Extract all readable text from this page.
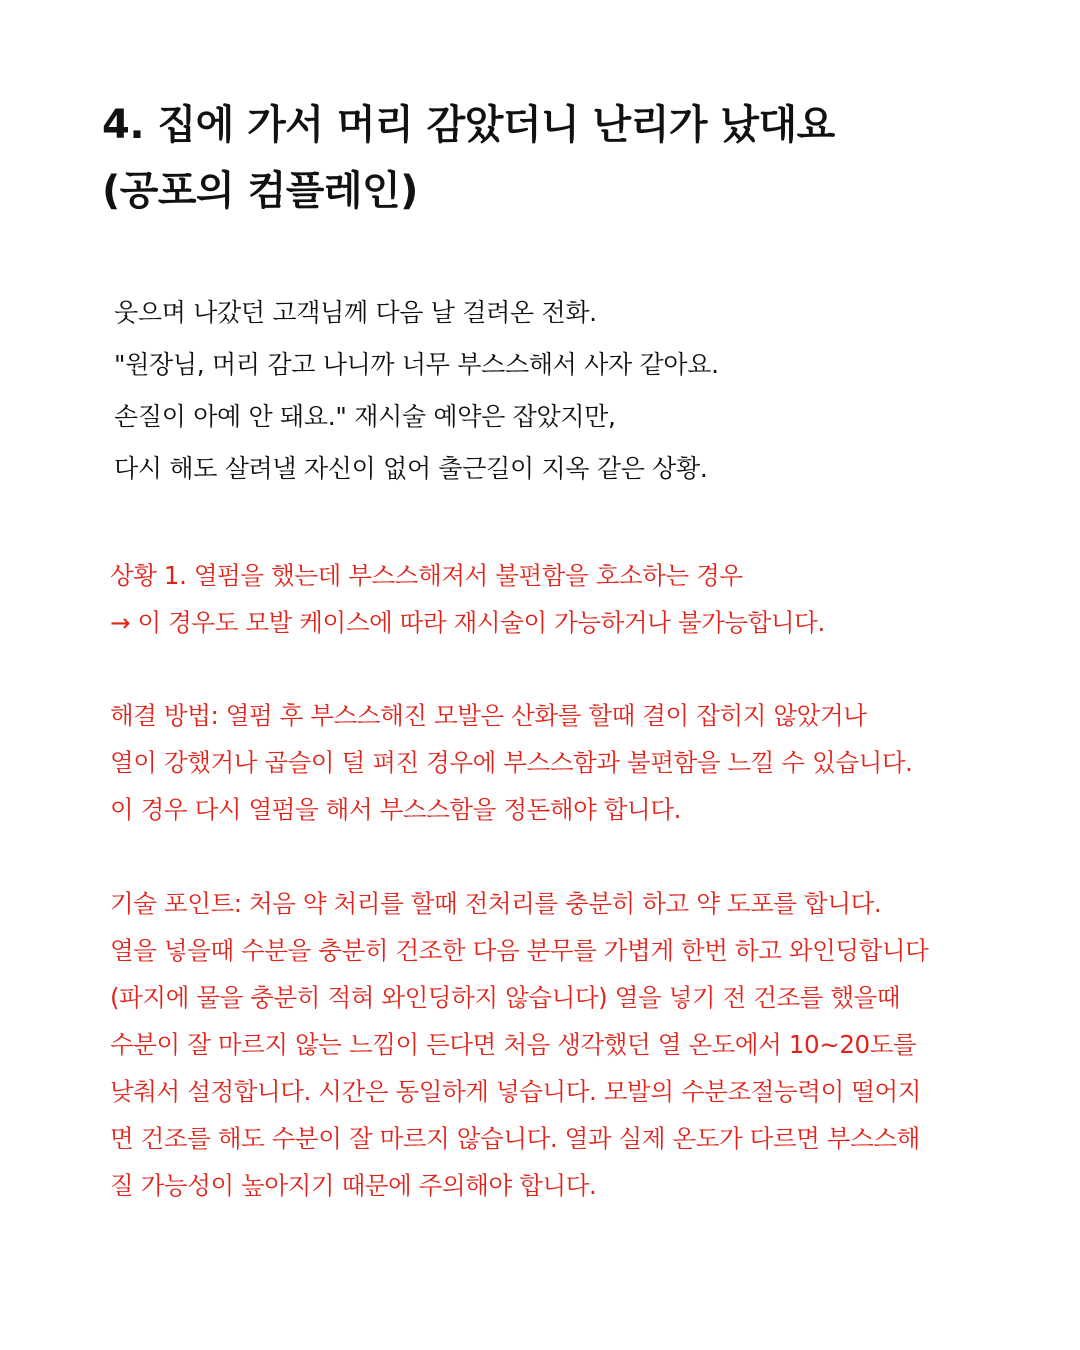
4. 집에 가서 머리 감았더니 난리가 났대요
(공포의 컴플레인)
웃으며 나갔던 고객님께 다음 날 걸려온 전화.
"원장님, 머리 감고 나니까 너무 부스스해서 사자 같아요.
손질이 아예 안 돼요." 재시술 예약은 잡았지만,
다시 해도 살려낼 자신이 없어 출근길이 지옥 같은 상황.
상황 1. 열펌을 했는데 부스스해져서 불편함을 호소하는 경우
→ 이 경우도 모발 케이스에 따라 재시술이 가능하거나 불가능합니다.
해결 방법: 열펌 후 부스스해진 모발은 산화를 할때 결이 잡히지 않았거나
열이 강했거나 곱슬이 덜 펴진 경우에 부스스함과 불편함을 느낄 수 있습니다.
이 경우 다시 열펌을 해서 부스스함을 정돈해야 합니다.
기술 포인트: 처음 약 처리를 할때 전처리를 충분히 하고 약 도포를 합니다.
열을 넣을때 수분을 충분히 건조한 다음 분무를 가볍게 한번 하고 와인딩합니다
(파지에 물을 충분히 적혀 와인딩하지 않습니다) 열을 넣기 전 건조를 했을때
수분이 잘 마르지 않는 느낌이 든다면 처음 생각했던 열 온도에서 10~20도를
낮춰서 설정합니다. 시간은 동일하게 넣습니다. 모발의 수분조절능력이 떨어지
면 건조를 해도 수분이 잘 마르지 않습니다. 열과 실제 온도가 다르면 부스스해
질 가능성이 높아지기 때문에 주의해야 합니다.
